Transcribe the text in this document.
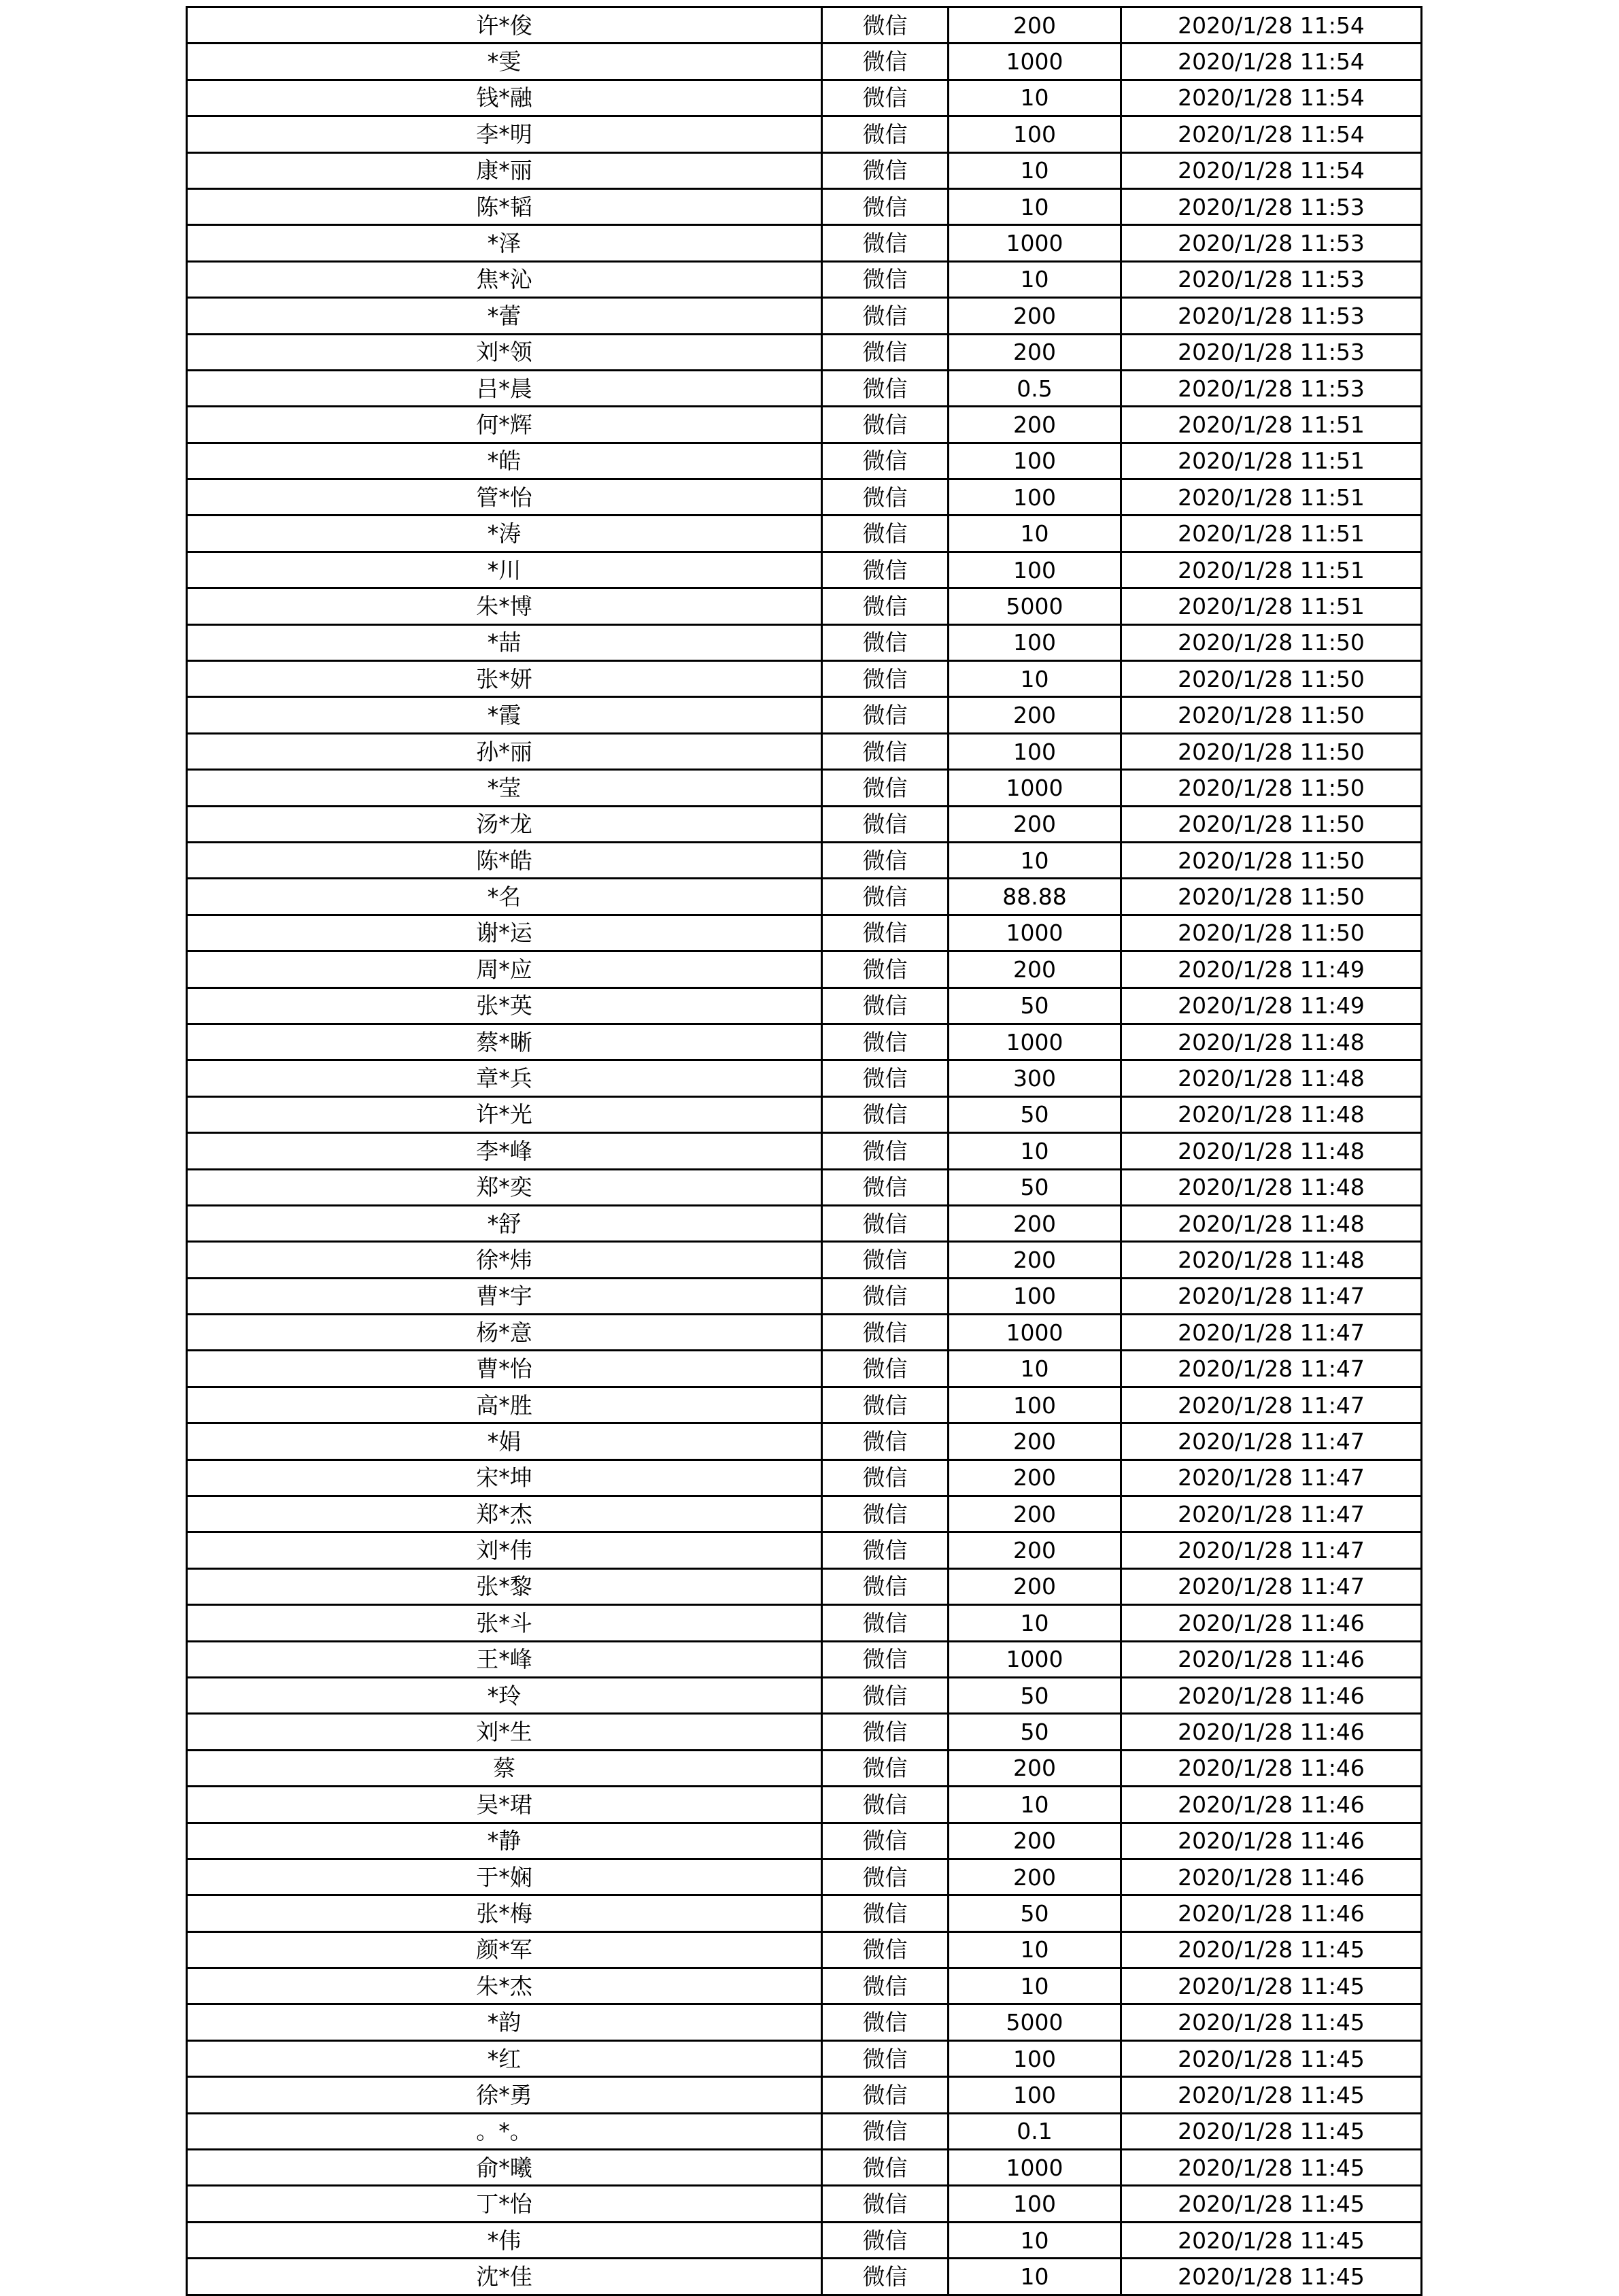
许*俊	微信	200	2020/1/28 11:54
*雯	微信	1000	2020/1/28 11:54
钱*融	微信	10	2020/1/28 11:54
李*明	微信	100	2020/1/28 11:54
康*丽	微信	10	2020/1/28 11:54
陈*韬	微信	10	2020/1/28 11:53
*泽	微信	1000	2020/1/28 11:53
焦*沁	微信	10	2020/1/28 11:53
*蕾	微信	200	2020/1/28 11:53
刘*领	微信	200	2020/1/28 11:53
吕*晨	微信	0.5	2020/1/28 11:53
何*辉	微信	200	2020/1/28 11:51
*皓	微信	100	2020/1/28 11:51
管*怡	微信	100	2020/1/28 11:51
*涛	微信	10	2020/1/28 11:51
*川	微信	100	2020/1/28 11:51
朱*博	微信	5000	2020/1/28 11:51
*喆	微信	100	2020/1/28 11:50
张*妍	微信	10	2020/1/28 11:50
*霞	微信	200	2020/1/28 11:50
孙*丽	微信	100	2020/1/28 11:50
*莹	微信	1000	2020/1/28 11:50
汤*龙	微信	200	2020/1/28 11:50
陈*皓	微信	10	2020/1/28 11:50
*名	微信	88.88	2020/1/28 11:50
谢*运	微信	1000	2020/1/28 11:50
周*应	微信	200	2020/1/28 11:49
张*英	微信	50	2020/1/28 11:49
蔡*晰	微信	1000	2020/1/28 11:48
章*兵	微信	300	2020/1/28 11:48
许*光	微信	50	2020/1/28 11:48
李*峰	微信	10	2020/1/28 11:48
郑*奕	微信	50	2020/1/28 11:48
*舒	微信	200	2020/1/28 11:48
徐*炜	微信	200	2020/1/28 11:48
曹*宇	微信	100	2020/1/28 11:47
杨*意	微信	1000	2020/1/28 11:47
曹*怡	微信	10	2020/1/28 11:47
高*胜	微信	100	2020/1/28 11:47
*娟	微信	200	2020/1/28 11:47
宋*坤	微信	200	2020/1/28 11:47
郑*杰	微信	200	2020/1/28 11:47
刘*伟	微信	200	2020/1/28 11:47
张*黎	微信	200	2020/1/28 11:47
张*斗	微信	10	2020/1/28 11:46
王*峰	微信	1000	2020/1/28 11:46
*玲	微信	50	2020/1/28 11:46
刘*生	微信	50	2020/1/28 11:46
蔡	微信	200	2020/1/28 11:46
吴*珺	微信	10	2020/1/28 11:46
*静	微信	200	2020/1/28 11:46
于*娴	微信	200	2020/1/28 11:46
张*梅	微信	50	2020/1/28 11:46
颜*军	微信	10	2020/1/28 11:45
朱*杰	微信	10	2020/1/28 11:45
*韵	微信	5000	2020/1/28 11:45
*红	微信	100	2020/1/28 11:45
徐*勇	微信	100	2020/1/28 11:45
。*。	微信	0.1	2020/1/28 11:45
俞*曦	微信	1000	2020/1/28 11:45
丁*怡	微信	100	2020/1/28 11:45
*伟	微信	10	2020/1/28 11:45
沈*佳	微信	10	2020/1/28 11:45
